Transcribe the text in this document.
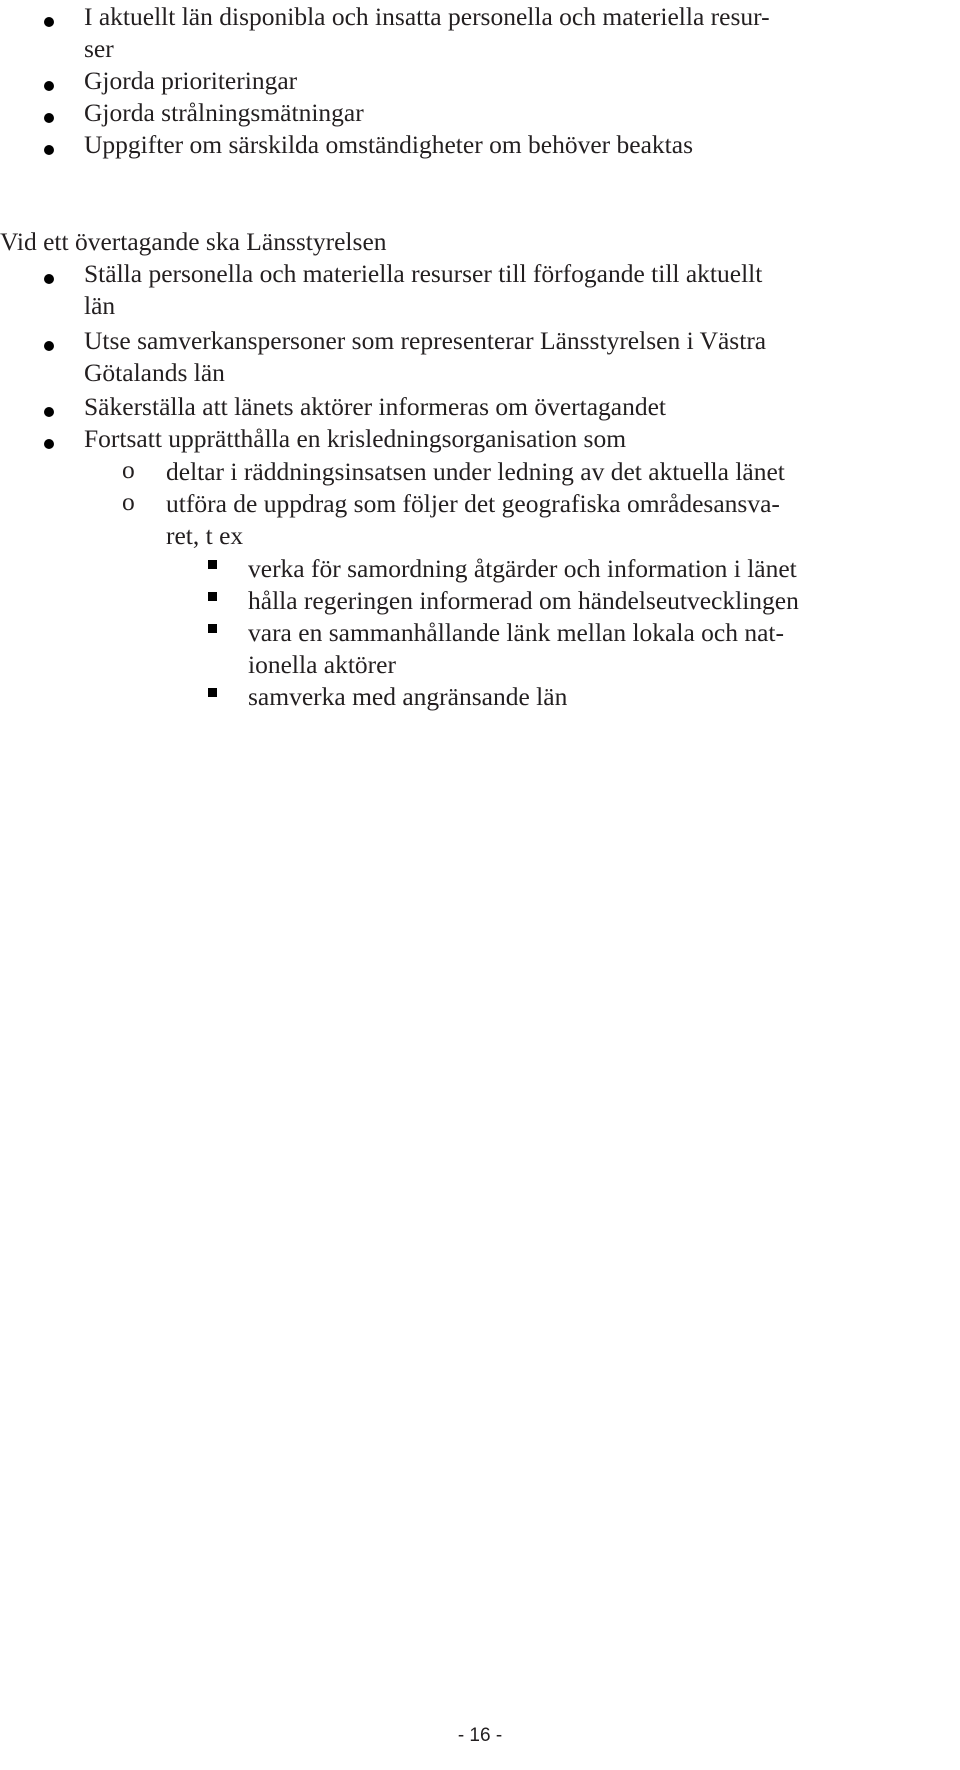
I aktuellt län disponibla och insatta personella och materiella resur-
ser
Gjorda prioriteringar
Gjorda strålningsmätningar
Uppgifter om särskilda omständigheter om behöver beaktas
Vid ett övertagande ska Länsstyrelsen
Ställa personella och materiella resurser till förfogande till aktuellt
län
Utse samverkanspersoner som representerar Länsstyrelsen i Västra
Götalands län
Säkerställa att länets aktörer informeras om övertagandet
Fortsatt upprätthålla en krisledningsorganisation som
o deltar i räddningsinsatsen under ledning av det aktuella länet
o utföra de uppdrag som följer det geografiska områdesansva-
ret, t ex
verka för samordning åtgärder och information i länet
hålla regeringen informerad om händelseutvecklingen
vara en sammanhållande länk mellan lokala och nat-
ionella aktörer
samverka med angränsande län
- 16 -
